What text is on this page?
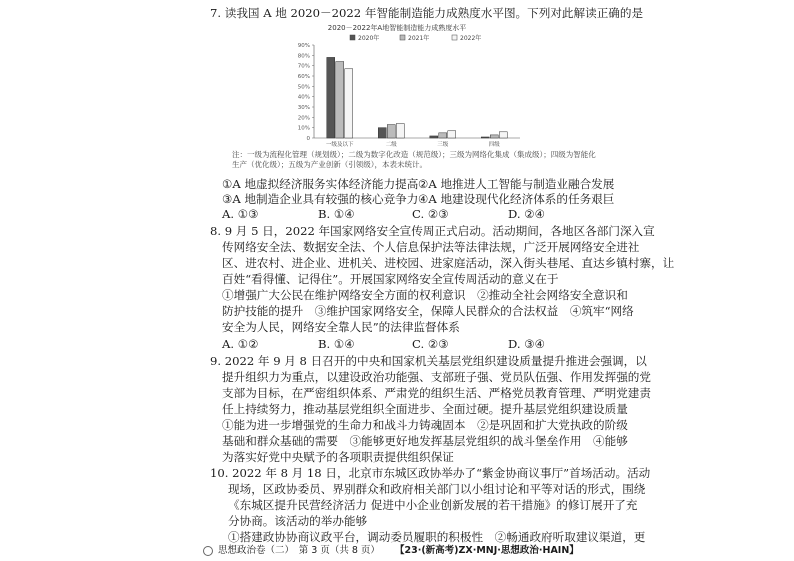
7. 读我国 A 地 2020－2022 年智能制造能力成熟度水平图。下列对此解读正确的是
2020－2022年A地智能制造能力成熟度水平
2020年	2021年	2022年
0
10%
20%
30%
40%
50%
60%
70%
80%
90%
一级及以下	二级	三级	四级
注：一级为流程化管理（规划级）；二级为数字化改造（规范级）；三级为网络化集成（集成级）；四级为智能化
生产（优化级）；五级为产业创新（引领级），本表未统计。
①A 地虚拟经济服务实体经济能力提高 ②A 地推进人工智能与制造业融合发展
③A 地制造企业具有较强的核心竞争力 ④A 地建设现代化经济体系的任务艰巨
A. ①③	B. ①④	C. ②③	D. ②④
8. 9 月 5 日，2022 年国家网络安全宣传周正式启动。活动期间，各地区各部门深入宣
传网络安全法、数据安全法、个人信息保护法等法律法规，广泛开展网络安全进社
区、进农村、进企业、进机关、进校园、进家庭活动，深入街头巷尾、直达乡镇村寨，让
百姓“看得懂、记得住”。开展国家网络安全宣传周活动的意义在于
①增强广大公民在维护网络安全方面的权利意识　②推动全社会网络安全意识和
防护技能的提升　③维护国家网络安全，保障人民群众的合法权益　④筑牢“网络
安全为人民，网络安全靠人民”的法律监督体系
A. ①②	B. ①④	C. ②③	D. ③④
9. 2022 年 9 月 8 日召开的中央和国家机关基层党组织建设质量提升推进会强调，以
提升组织力为重点，以建设政治功能强、支部班子强、党员队伍强、作用发挥强的党
支部为目标，在严密组织体系、严肃党的组织生活、严格党员教育管理、严明党建责
任上持续努力，推动基层党组织全面进步、全面过硬。提升基层党组织建设质量
①能为进一步增强党的生命力和战斗力铸魂固本　②是巩固和扩大党执政的阶级
基础和群众基础的需要　③能够更好地发挥基层党组织的战斗堡垒作用　④能够
为落实好党中央赋予的各项职责提供组织保证
10. 2022 年 8 月 18 日，北京市东城区政协举办了“紫金协商议事厅”首场活动。活动
现场，区政协委员、界别群众和政府相关部门以小组讨论和平等对话的形式，围绕
《东城区提升民营经济活力 促进中小企业创新发展的若干措施》的修订展开了充
分协商。该活动的举办能够
①搭建政协协商议政平台，调动委员履职的积极性　②畅通政府听取建议渠道，更
思想政治卷（二）　第 3 页（共 8 页） 【23·(新高考)ZX·MNJ·思想政治·HAIN】
